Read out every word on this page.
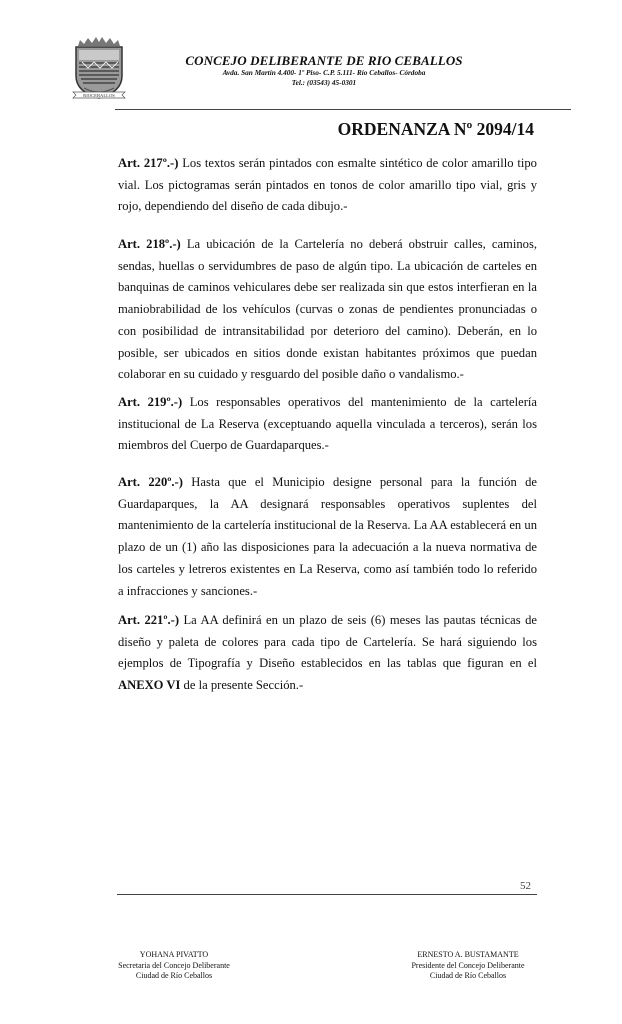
RIOCEBALLOS
CONCEJO DELIBERANTE DE RIO CEBALLOS
Avda. San Martín 4.400- 1º Piso- C.P. 5.111- Río Ceballos- Córdoba
Tel.: (03543) 45-0301
ORDENANZA Nº 2094/14

Art. 217º.-) Los textos serán pintados con esmalte sintético de color amarillo tipo vial. Los pictogramas serán pintados en tonos de color amarillo tipo vial, gris y rojo, dependiendo del diseño de cada dibujo.-

Art. 218º.-) La ubicación de la Cartelería no deberá obstruir calles, caminos, sendas, huellas o servidumbres de paso de algún tipo. La ubicación de carteles en banquinas de caminos vehiculares debe ser realizada sin que estos interfieran en la maniobrabilidad de los vehículos (curvas o zonas de pendientes pronunciadas o con posibilidad de intransitabilidad por deterioro del camino). Deberán, en lo posible, ser ubicados en sitios donde existan habitantes próximos que puedan colaborar en su cuidado y resguardo del posible daño o vandalismo.-

Art. 219º.-) Los responsables operativos del mantenimiento de la cartelería institucional de La Reserva (exceptuando aquella vinculada a terceros), serán los miembros del Cuerpo de Guardaparques.-

Art. 220º.-) Hasta que el Municipio designe personal para la función de Guardaparques, la AA designará responsables operativos suplentes del mantenimiento de la cartelería institucional de la Reserva. La AA establecerá en un plazo de un (1) año las disposiciones para la adecuación a la nueva normativa de los carteles y letreros existentes en La Reserva, como así también todo lo referido a infracciones y sanciones.-

Art. 221º.-) La AA definirá en un plazo de seis (6) meses las pautas técnicas de diseño y paleta de colores para cada tipo de Cartelería. Se hará siguiendo los ejemplos de Tipografía y Diseño establecidos en las tablas que figuran en el ANEXO VI de la presente Sección.-

52
YOHANA PIVATTO
Secretaria del Concejo Deliberante
Ciudad de Río Ceballos
ERNESTO A. BUSTAMANTE
Presidente del Concejo Deliberante
Ciudad de Río Ceballos
